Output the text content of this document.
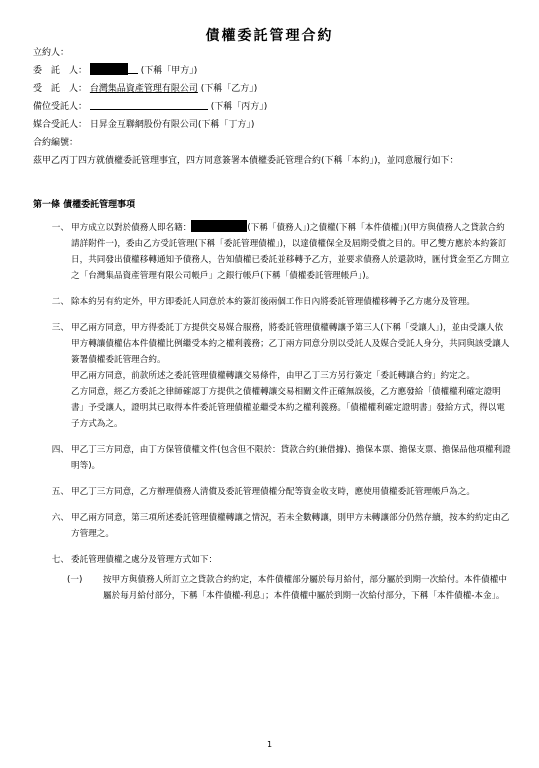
債權委託管理合約
立約人：
委　託　人：	(下稱「甲方」)
受　託　人： 台灣集品資產管理有限公司 (下稱「乙方」)
備位受託人：	(下稱「丙方」)
媒合受託人： 日昇金互聯網股份有限公司(下稱「丁方」)
合約編號：
茲甲乙丙丁四方就債權委託管理事宜，四方同意簽署本債權委託管理合約(下稱「本約」)，並同意履行如下：
第一條 債權委託管理事項
一、 甲方成立以對於債務人即名籍：	(下稱「債務人」)之債權(下稱「本件債權」)(甲方與債務人之貸款合約請詳附件一)，委由乙方受託管理(下稱「委託管理債權」)，以達債權保全及屆期受償之目的。甲乙雙方應於本約簽訂日，共同發出債權移轉通知予債務人，告知債權已委託並移轉予乙方，並要求債務人於還款時，匯付貸金至乙方開立之「台灣集品資產管理有限公司帳戶」之銀行帳戶(下稱「債權委託管理帳戶」)。

二、 除本約另有約定外，甲方即委託人同意於本約簽訂後兩個工作日內將委託管理債權移轉予乙方處分及管理。

三、 甲乙兩方同意，甲方得委託丁方提供交易媒合服務，將委託管理債權轉讓予第三人(下稱「受讓人」)，並由受讓人依甲方轉讓債權佔本件債權比例繼受本約之權利義務；乙丁兩方同意分別以受託人及媒合受託人身分，共同與該受讓人簽署債權委託管理合約。

甲乙兩方同意，前款所述之委託管理債權轉讓交易條件，由甲乙丁三方另行簽定「委託轉讓合約」約定之。

乙方同意，經乙方委託之律師確認丁方提供之債權轉讓交易相關文件正確無誤後，乙方應發給「債權權利確定證明書」予受讓人，證明其已取得本件委託管理債權並繼受本約之權利義務。「債權權利確定證明書」發給方式，得以電子方式為之。

四、 甲乙丁三方同意，由丁方保管債權文件(包含但不限於：貸款合約(兼借據)、擔保本票、擔保支票、擔保品他項權利證明等)。

五、 甲乙丁三方同意，乙方辦理債務人清償及委託管理債權分配等資金收支時，應使用債權委託管理帳戶為之。

六、 甲乙兩方同意，第三項所述委託管理債權轉讓之情況，若未全數轉讓，則甲方未轉讓部分仍然存續，按本約約定由乙方管理之。

七、 委託管理債權之處分及管理方式如下：

(一)	按甲方與債務人所訂立之貸款合約約定，本件債權部分屬於每月給付，部分屬於到期一次給付。本件債權中屬於每月給付部分，下稱「本件債權-利息」；本件債權中屬於到期一次給付部分，下稱「本件債權-本金」。
1
